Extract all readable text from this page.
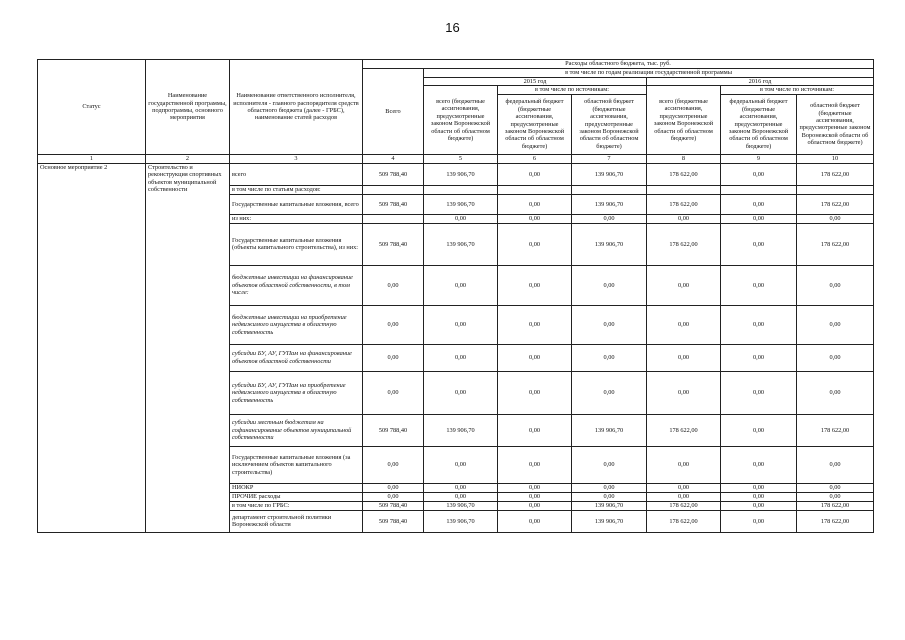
16
Статус	Наименование государственной программы, подпрограммы, основного мероприятия	Наименование ответственного исполнителя, исполнителя - главного распорядителя средств областного бюджета (далее - ГРБС), наименование статей расходов	Расходы областного бюджета, тыс. руб.						
			Всего	в том числе по годам реализации государственной программы					
				2015 год			2016 год		
				всего (бюджетные ассигнования, предусмотренные законом Воронежской области об областном бюджете)	в том числе по источникам:		всего (бюджетные ассигнования, предусмотренные законом Воронежской области об областном бюджете)	в том числе по источникам:	
					федеральный бюджет (бюджетные ассигнования, предусмотренные законом Воронежской области об областном бюджете)	областной бюджет (бюджетные ассигнования, предусмотренные законом Воронежской области об областном бюджете)		федеральный бюджет (бюджетные ассигнования, предусмотренные законом Воронежской области об областном бюджете)	областной бюджет (бюджетные ассигнования, предусмотренные законом Воронежской области об областном бюджете)
1	2	3	4	5	6	7	8	9	10
Основное мероприятие 2	Строительство и реконструкция спортивных объектов муниципальной собственности	всего	509 788,40	139 906,70	0,00	139 906,70	178 622,00	0,00	178 622,00
		в том числе по статьям расходов:							
		Государственные капитальные вложения, всего	509 788,40	139 906,70	0,00	139 906,70	178 622,00	0,00	178 622,00
		из них:		0,00	0,00	0,00	0,00	0,00	0,00
		Государственные капитальные вложения (объекты капитального строительства), из них:	509 788,40	139 906,70	0,00	139 906,70	178 622,00	0,00	178 622,00
		бюджетные инвестиции на финансирование объектов областной собственности, в том числе:	0,00	0,00	0,00	0,00	0,00	0,00	0,00
		бюджетные инвестиции на приобретение недвижимого имущества в областную собственность	0,00	0,00	0,00	0,00	0,00	0,00	0,00
		субсидии БУ, АУ, ГУПам на финансирование объектов областной собственности	0,00	0,00	0,00	0,00	0,00	0,00	0,00
		субсидии БУ, АУ, ГУПам на приобретение недвижимого имущества в областную собственность	0,00	0,00	0,00	0,00	0,00	0,00	0,00
		субсидии местным бюджетам на софинансирование объектов муниципальной собственности	509 788,40	139 906,70	0,00	139 906,70	178 622,00	0,00	178 622,00
		Государственные капитальные вложения (за исключением объектов капитального строительства)	0,00	0,00	0,00	0,00	0,00	0,00	0,00
		НИОКР	0,00	0,00	0,00	0,00	0,00	0,00	0,00
		ПРОЧИЕ расходы	0,00	0,00	0,00	0,00	0,00	0,00	0,00
		в том числе по ГРБС:	509 788,40	139 906,70	0,00	139 906,70	178 622,00	0,00	178 622,00
		департамент строительной политики Воронежской области	509 788,40	139 906,70	0,00	139 906,70	178 622,00	0,00	178 622,00
